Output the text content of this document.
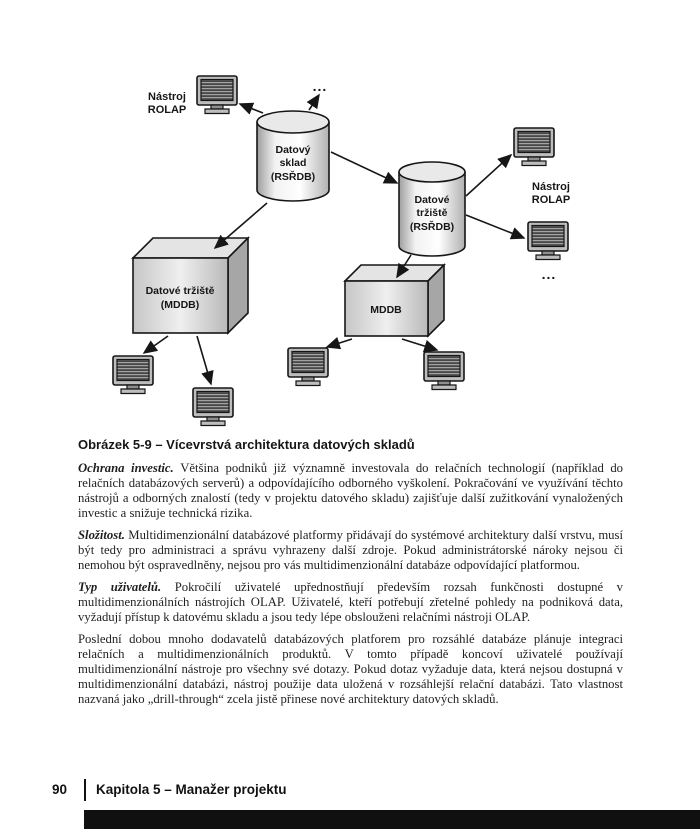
Datový
sklad
(RSŘDB)
Datové
tržiště
(RSŘDB)
Datové tržiště
(MDDB)	MDDB
Nástroj
ROLAP
...
Nástroj
ROLAP
...
Obrázek 5-9 – Vícevrstvá architektura datových skladů

Ochrana investic. Většina podniků již významně investovala do relačních technologií (například do relačních databázových serverů) a odpovídajícího odborného vyškolení. Pokračování ve využívání těchto nástrojů a odborných znalostí (tedy v projektu datového skladu) zajišťuje další zužitkování vynaložených investic a snižuje technická rizika.

Složitost. Multidimenzionální databázové platformy přidávají do systémové architektury další vrstvu, musí být tedy pro administraci a správu vyhrazeny další zdroje. Pokud administrátorské nároky nejsou či nemohou být ospravedlněny, nejsou pro vás multidimenzionální databáze odpovídající platformou.

Typ uživatelů. Pokročilí uživatelé upřednostňují především rozsah funkčnosti dostupné v multidimenzionálních nástrojích OLAP. Uživatelé, kteří potřebují zřetelné pohledy na podniková data, vyžadují přístup k datovému skladu a jsou tedy lépe obslouženi relačními nástroji OLAP.

Poslední dobou mnoho dodavatelů databázových platforem pro rozsáhlé databáze plánuje integraci relačních a multidimenzionálních produktů. V tomto případě koncoví uživatelé používají multidimenzionální nástroje pro všechny své dotazy. Pokud dotaz vyžaduje data, která nejsou dostupná v multidimenzionální databázi, nástroj použije data uložená v rozsáhlejší relační databázi. Tato vlastnost nazvaná jako „drill-through“ zcela jistě přinese nové architektury datových skladů.

90 Kapitola 5 – Manažer projektu
